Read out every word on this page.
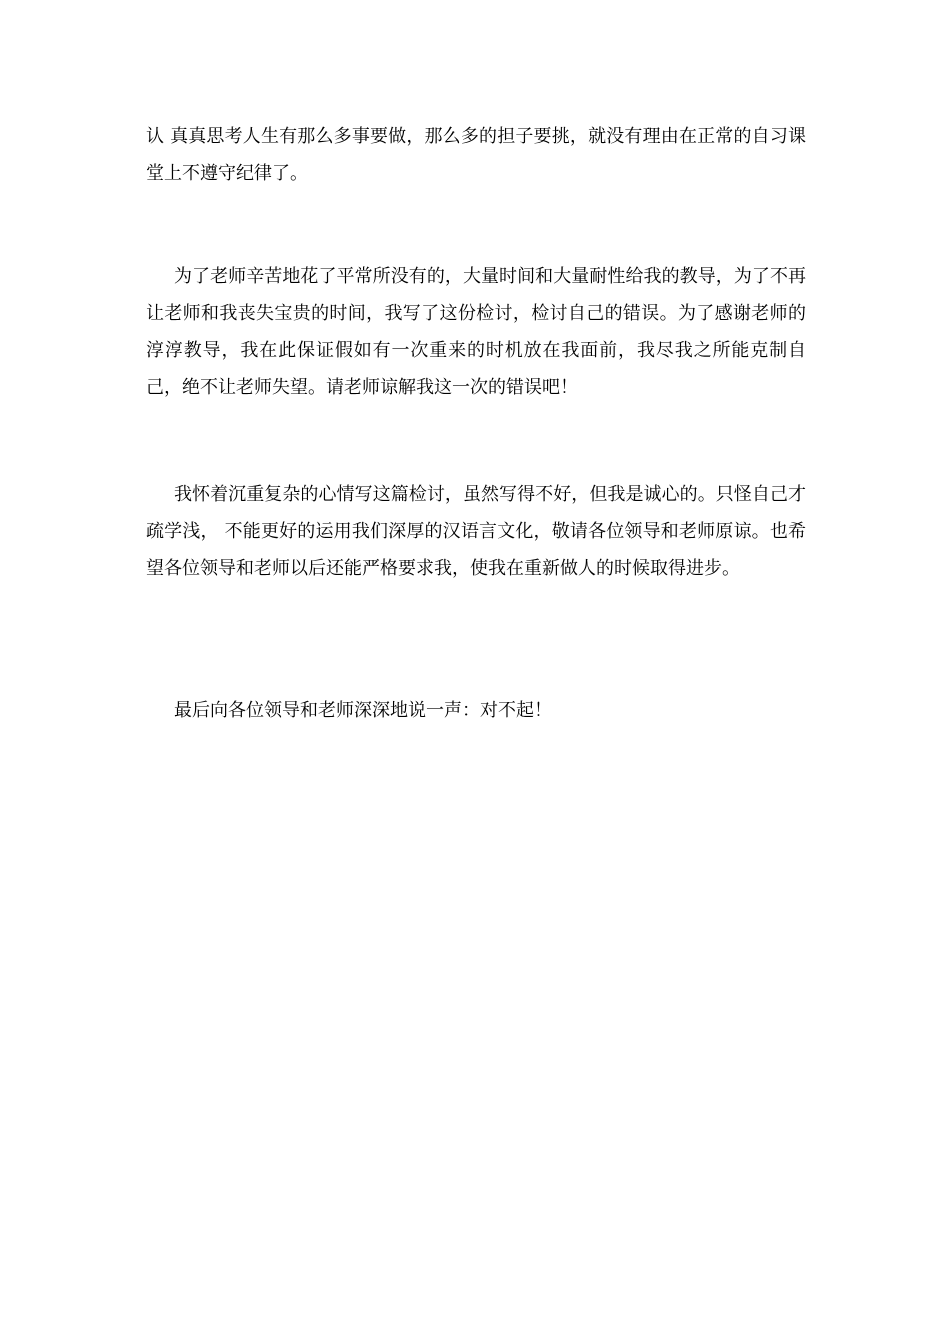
认 真真思考人生有那么多事要做，那么多的担子要挑，就没有理由在正常的自习课堂上不遵守纪律了。

为了老师辛苦地花了平常所没有的，大量时间和大量耐性给我的教导，为了不再让老师和我丧失宝贵的时间，我写了这份检讨，检讨自己的错误。为了感谢老师的淳淳教导，我在此保证假如有一次重来的时机放在我面前，我尽我之所能克制自己，绝不让老师失望。请老师谅解我这一次的错误吧！

我怀着沉重复杂的心情写这篇检讨，虽然写得不好，但我是诚心的。只怪自己才疏学浅， 不能更好的运用我们深厚的汉语言文化，敬请各位领导和老师原谅。也希望各位领导和老师以后还能严格要求我，使我在重新做人的时候取得进步。

最后向各位领导和老师深深地说一声：对不起！
